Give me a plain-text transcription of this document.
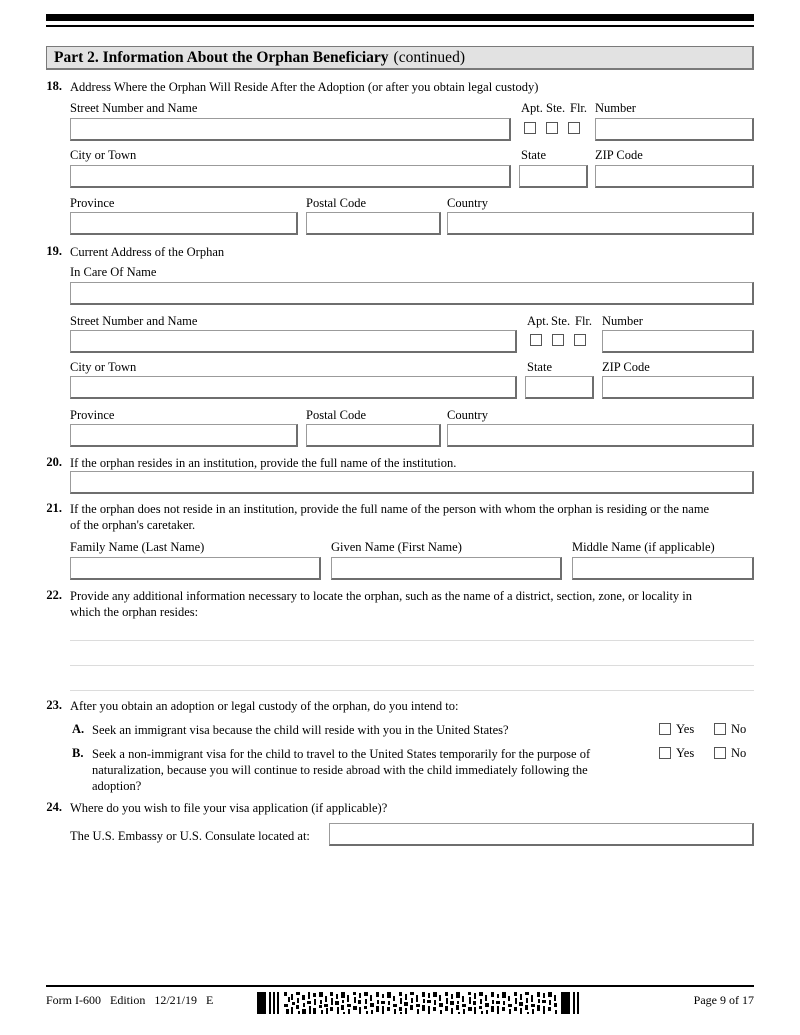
Part 2. Information About the Orphan Beneficiary (continued)
18. Address Where the Orphan Will Reside After the Adoption (or after you obtain legal custody)
Street Number and Name	Apt. Ste. Flr. Number
City or Town	State	ZIP Code
Province	Postal Code	Country
19. Current Address of the Orphan
In Care Of Name
Street Number and Name	Apt. Ste. Flr. Number
City or Town	State	ZIP Code
Province	Postal Code	Country
20. If the orphan resides in an institution, provide the full name of the institution.
21. If the orphan does not reside in an institution, provide the full name of the person with whom the orphan is residing or the name
of the orphan's caretaker.
Family Name (Last Name)	Given Name (First Name)	Middle Name (if applicable)
22. Provide any additional information necessary to locate the orphan, such as the name of a district, section, zone, or locality in
which the orphan resides:
23. After you obtain an adoption or legal custody of the orphan, do you intend to:
A. Seek an immigrant visa because the child will reside with you in the United States?	Yes	No
B. Seek a non-immigrant visa for the child to travel to the United States temporarily for the purpose of
naturalization, because you will continue to reside abroad with the child immediately following the
adoption?
Yes	No
24. Where do you wish to file your visa application (if applicable)?
The U.S. Embassy or U.S. Consulate located at:
Form I-600 Edition 12/21/19 E	Page 9 of 17
